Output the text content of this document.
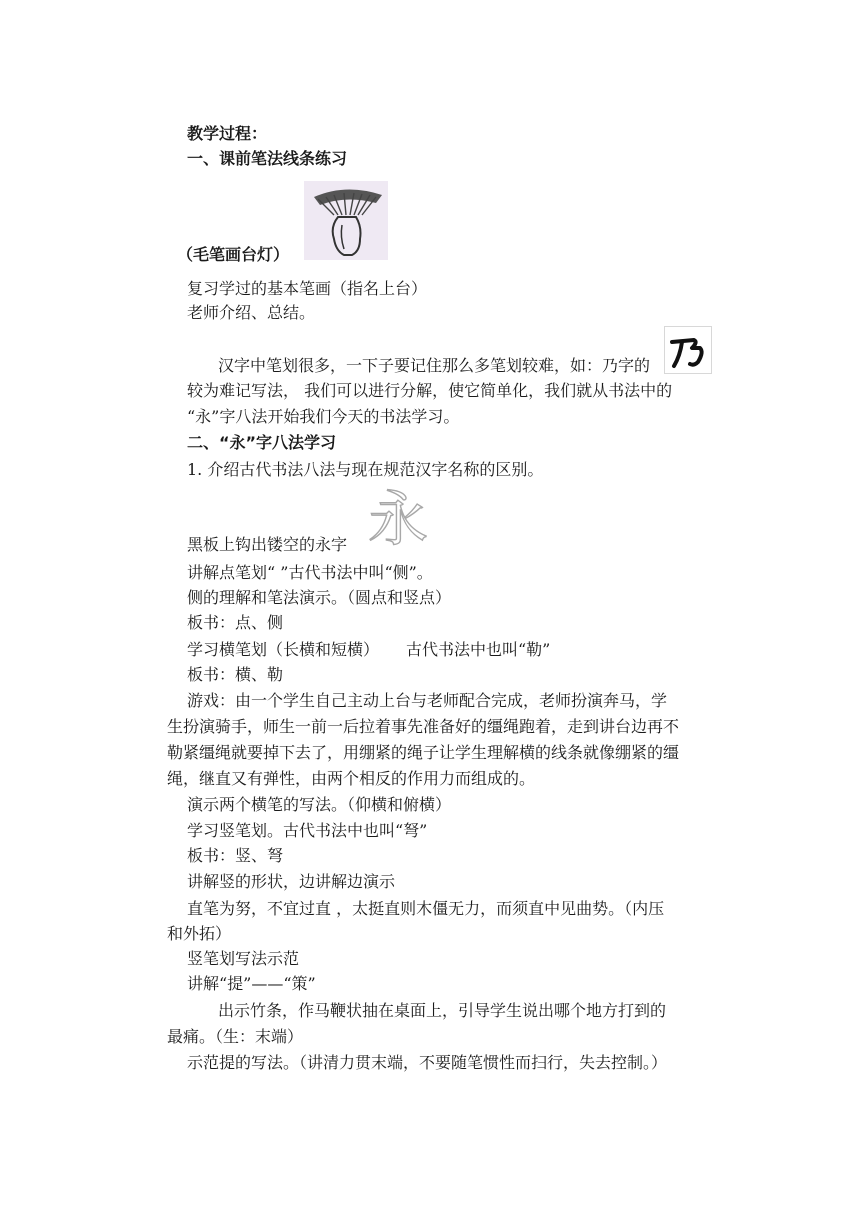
教学过程：
一、课前笔法线条练习
（毛笔画台灯）
复习学过的基本笔画（指名上台）
老师介绍、总结。
汉字中笔划很多，一下子要记住那么多笔划较难，如：乃字的
较为难记写法， 我们可以进行分解，使它简单化，我们就从书法中的
“永”字八法开始我们今天的书法学习。
二、“永”字八法学习
1. 介绍古代书法八法与现在规范汉字名称的区别。
黑板上钩出镂空的永字 永
讲解点笔划“ ”古代书法中叫“侧”。
侧的理解和笔法演示。（圆点和竖点）
板书：点、侧
学习横笔划（长横和短横） 古代书法中也叫“勒”
板书：横、勒
游戏：由一个学生自己主动上台与老师配合完成，老师扮演奔马，学
生扮演骑手，师生一前一后拉着事先准备好的缰绳跑着，走到讲台边再不
勒紧缰绳就要掉下去了，用绷紧的绳子让学生理解横的线条就像绷紧的缰
绳，继直又有弹性，由两个相反的作用力而组成的。
演示两个横笔的写法。（仰横和俯横）
学习竖笔划。古代书法中也叫“弩”
板书：竖、弩
讲解竖的形状，边讲解边演示
直笔为努，不宜过直 ，太挺直则木僵无力，而须直中见曲势。（内压
和外拓）
竖笔划写法示范
讲解“提”——“策”
出示竹条，作马鞭状抽在桌面上，引导学生说出哪个地方打到的
最痛。（生：末端）
示范提的写法。（讲清力贯末端，不要随笔惯性而扫行，失去控制。）
